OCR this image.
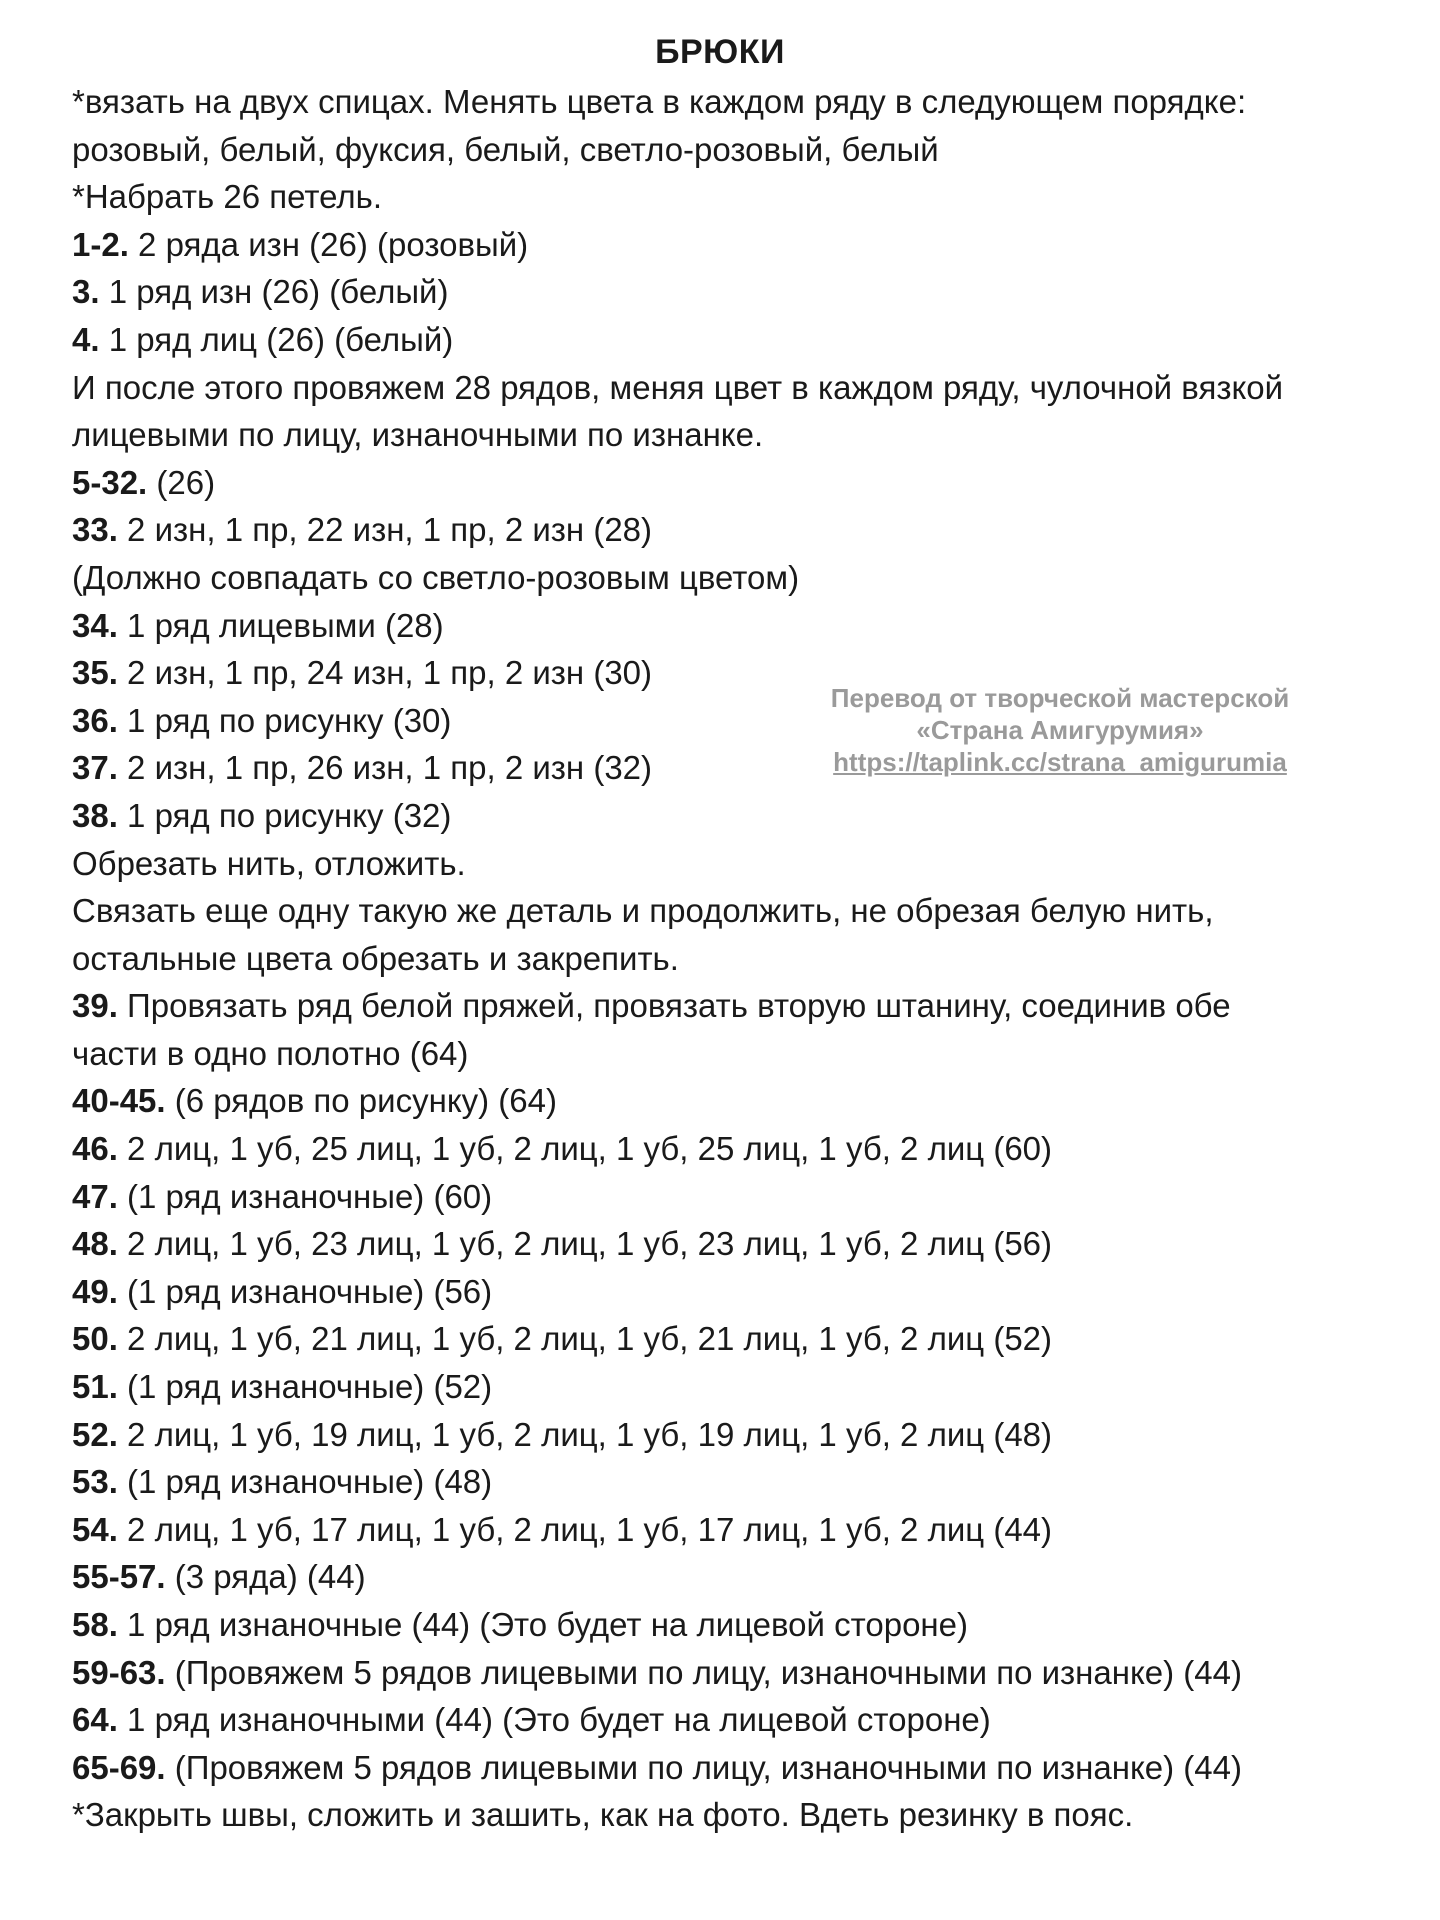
БРЮКИ
*вязать на двух спицах. Менять цвета в каждом ряду в следующем порядке:
розовый, белый, фуксия, белый, светло-розовый, белый
*Набрать 26 петель.
1-2. 2 ряда изн (26) (розовый)
3. 1 ряд изн (26) (белый)
4. 1 ряд лиц (26) (белый)
И после этого провяжем 28 рядов, меняя цвет в каждом ряду, чулочной вязкой
лицевыми по лицу, изнаночными по изнанке.
5-32. (26)
33. 2 изн, 1 пр, 22 изн, 1 пр, 2 изн (28)
(Должно совпадать со светло-розовым цветом)
34. 1 ряд лицевыми (28)
35. 2 изн, 1 пр, 24 изн, 1 пр, 2 изн (30)
36. 1 ряд по рисунку (30)
37. 2 изн, 1 пр, 26 изн, 1 пр, 2 изн (32)
38. 1 ряд по рисунку (32)
Обрезать нить, отложить.
Связать еще одну такую же деталь и продолжить, не обрезая белую нить,
остальные цвета обрезать и закрепить.
39. Провязать ряд белой пряжей, провязать вторую штанину, соединив обе
части в одно полотно (64)
40-45. (6 рядов по рисунку) (64)
46. 2 лиц, 1 уб, 25 лиц, 1 уб, 2 лиц, 1 уб, 25 лиц, 1 уб, 2 лиц (60)
47. (1 ряд изнаночные) (60)
48. 2 лиц, 1 уб, 23 лиц, 1 уб, 2 лиц, 1 уб, 23 лиц, 1 уб, 2 лиц (56)
49. (1 ряд изнаночные) (56)
50. 2 лиц, 1 уб, 21 лиц, 1 уб, 2 лиц, 1 уб, 21 лиц, 1 уб, 2 лиц (52)
51. (1 ряд изнаночные) (52)
52. 2 лиц, 1 уб, 19 лиц, 1 уб, 2 лиц, 1 уб, 19 лиц, 1 уб, 2 лиц (48)
53. (1 ряд изнаночные) (48)
54. 2 лиц, 1 уб, 17 лиц, 1 уб, 2 лиц, 1 уб, 17 лиц, 1 уб, 2 лиц (44)
55-57. (3 ряда) (44)
58. 1 ряд изнаночные (44) (Это будет на лицевой стороне)
59-63. (Провяжем 5 рядов лицевыми по лицу, изнаночными по изнанке) (44)
64. 1 ряд изнаночными (44) (Это будет на лицевой стороне)
65-69. (Провяжем 5 рядов лицевыми по лицу, изнаночными по изнанке) (44)
*Закрыть швы, сложить и зашить, как на фото. Вдеть резинку в пояс.
Перевод от творческой мастерской
«Страна Амигурумия»
https://taplink.cc/strana_amigurumia
